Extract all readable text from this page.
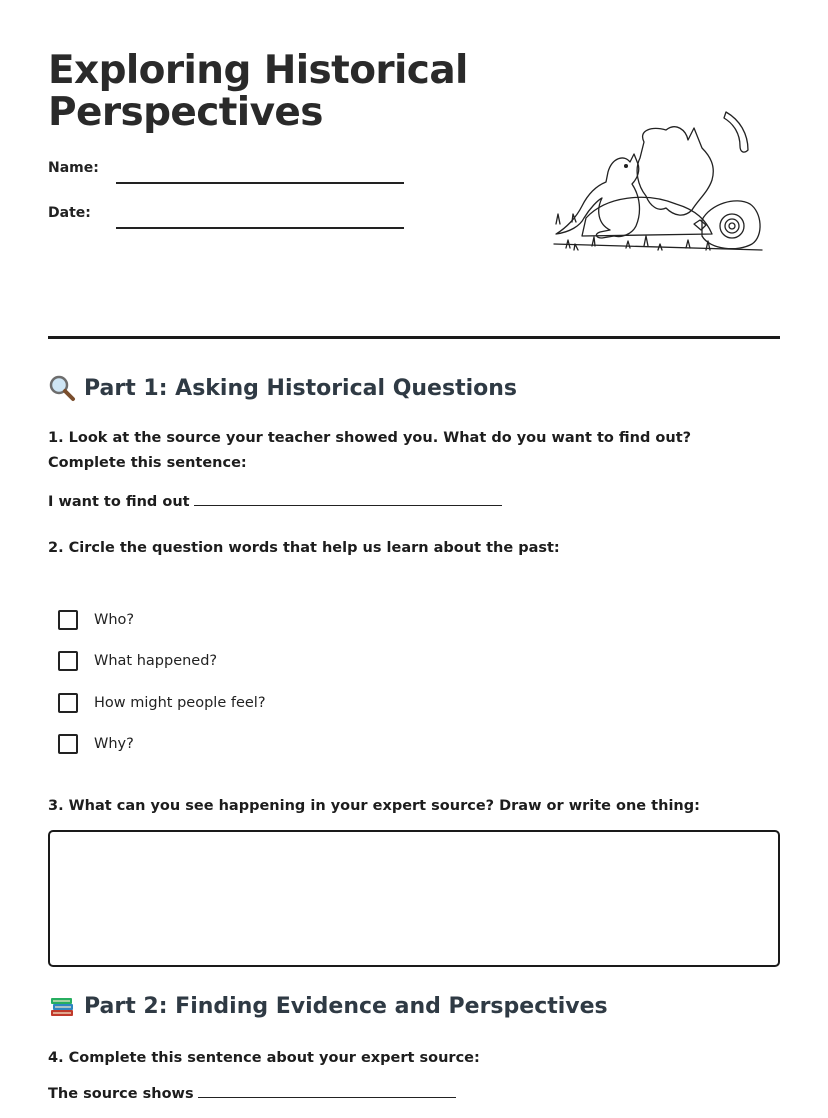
Exploring Historical
Perspectives
Name:
Date:
Part 1: Asking Historical Questions

1. Look at the source your teacher showed you. What do you want to find out? Complete this sentence:

I want to find out

2. Circle the question words that help us learn about the past:

Who?
What happened?
How might people feel?
Why?

3. What can you see happening in your expert source? Draw or write one thing:

Part 2: Finding Evidence and Perspectives

4. Complete this sentence about your expert source:

The source shows
